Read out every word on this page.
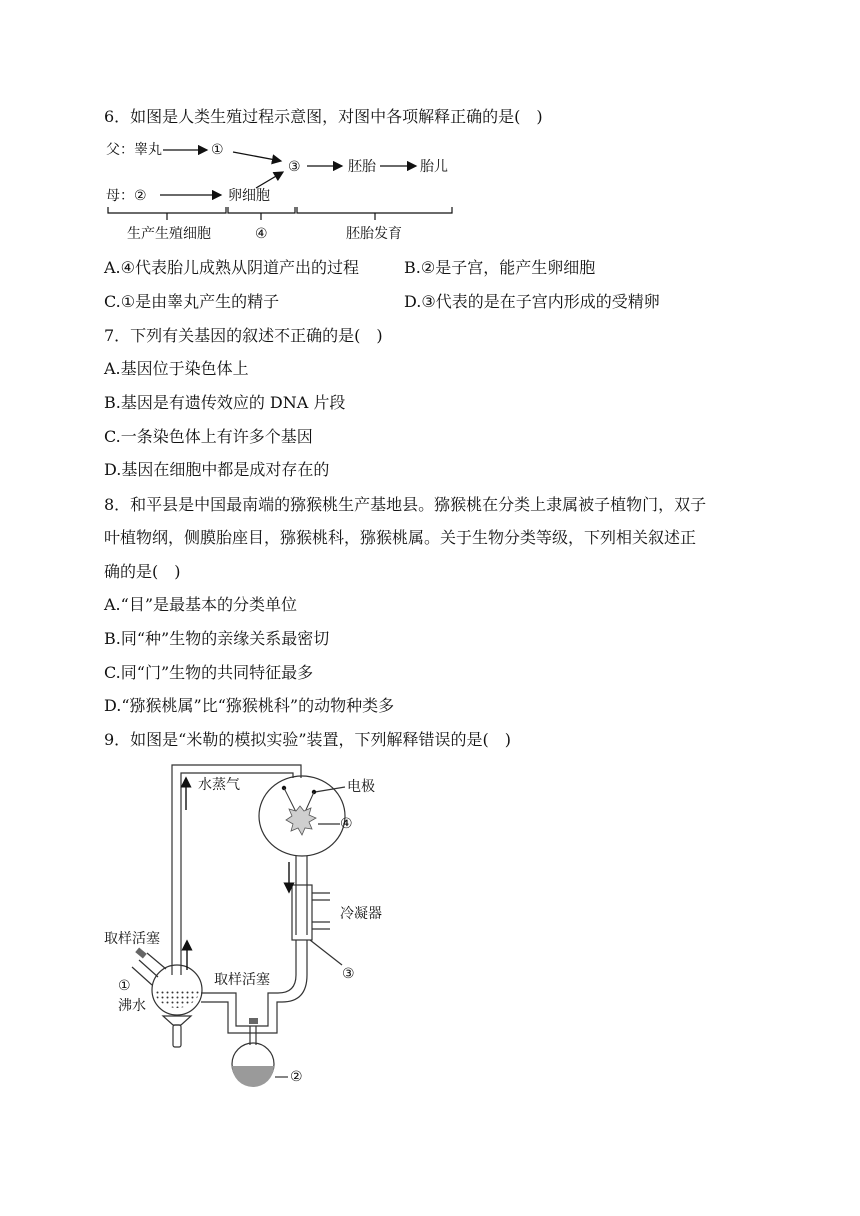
6．如图是人类生殖过程示意图，对图中各项解释正确的是(　)
父：睾丸	①
③	胚胎	胎儿
母：②	卵细胞
生产生殖细胞	④	胚胎发育
A.④代表胎儿成熟从阴道产出的过程	B.②是子宫，能产生卵细胞
C.①是由睾丸产生的精子	D.③代表的是在子宫内形成的受精卵
7．下列有关基因的叙述不正确的是(　)
A.基因位于染色体上
B.基因是有遗传效应的 DNA 片段
C.一条染色体上有许多个基因
D.基因在细胞中都是成对存在的
8．和平县是中国最南端的猕猴桃生产基地县。猕猴桃在分类上隶属被子植物门，双子
叶植物纲，侧膜胎座目，猕猴桃科，猕猴桃属。关于生物分类等级，下列相关叙述正
确的是(　)
A.“目”是最基本的分类单位
B.同“种”生物的亲缘关系最密切
C.同“门”生物的共同特征最多
D.“猕猴桃属”比“猕猴桃科”的动物种类多
9．如图是“米勒的模拟实验”装置，下列解释错误的是(　)
水蒸气	电极
④
冷凝器
③
取样活塞
取样活塞
①
沸水
②
